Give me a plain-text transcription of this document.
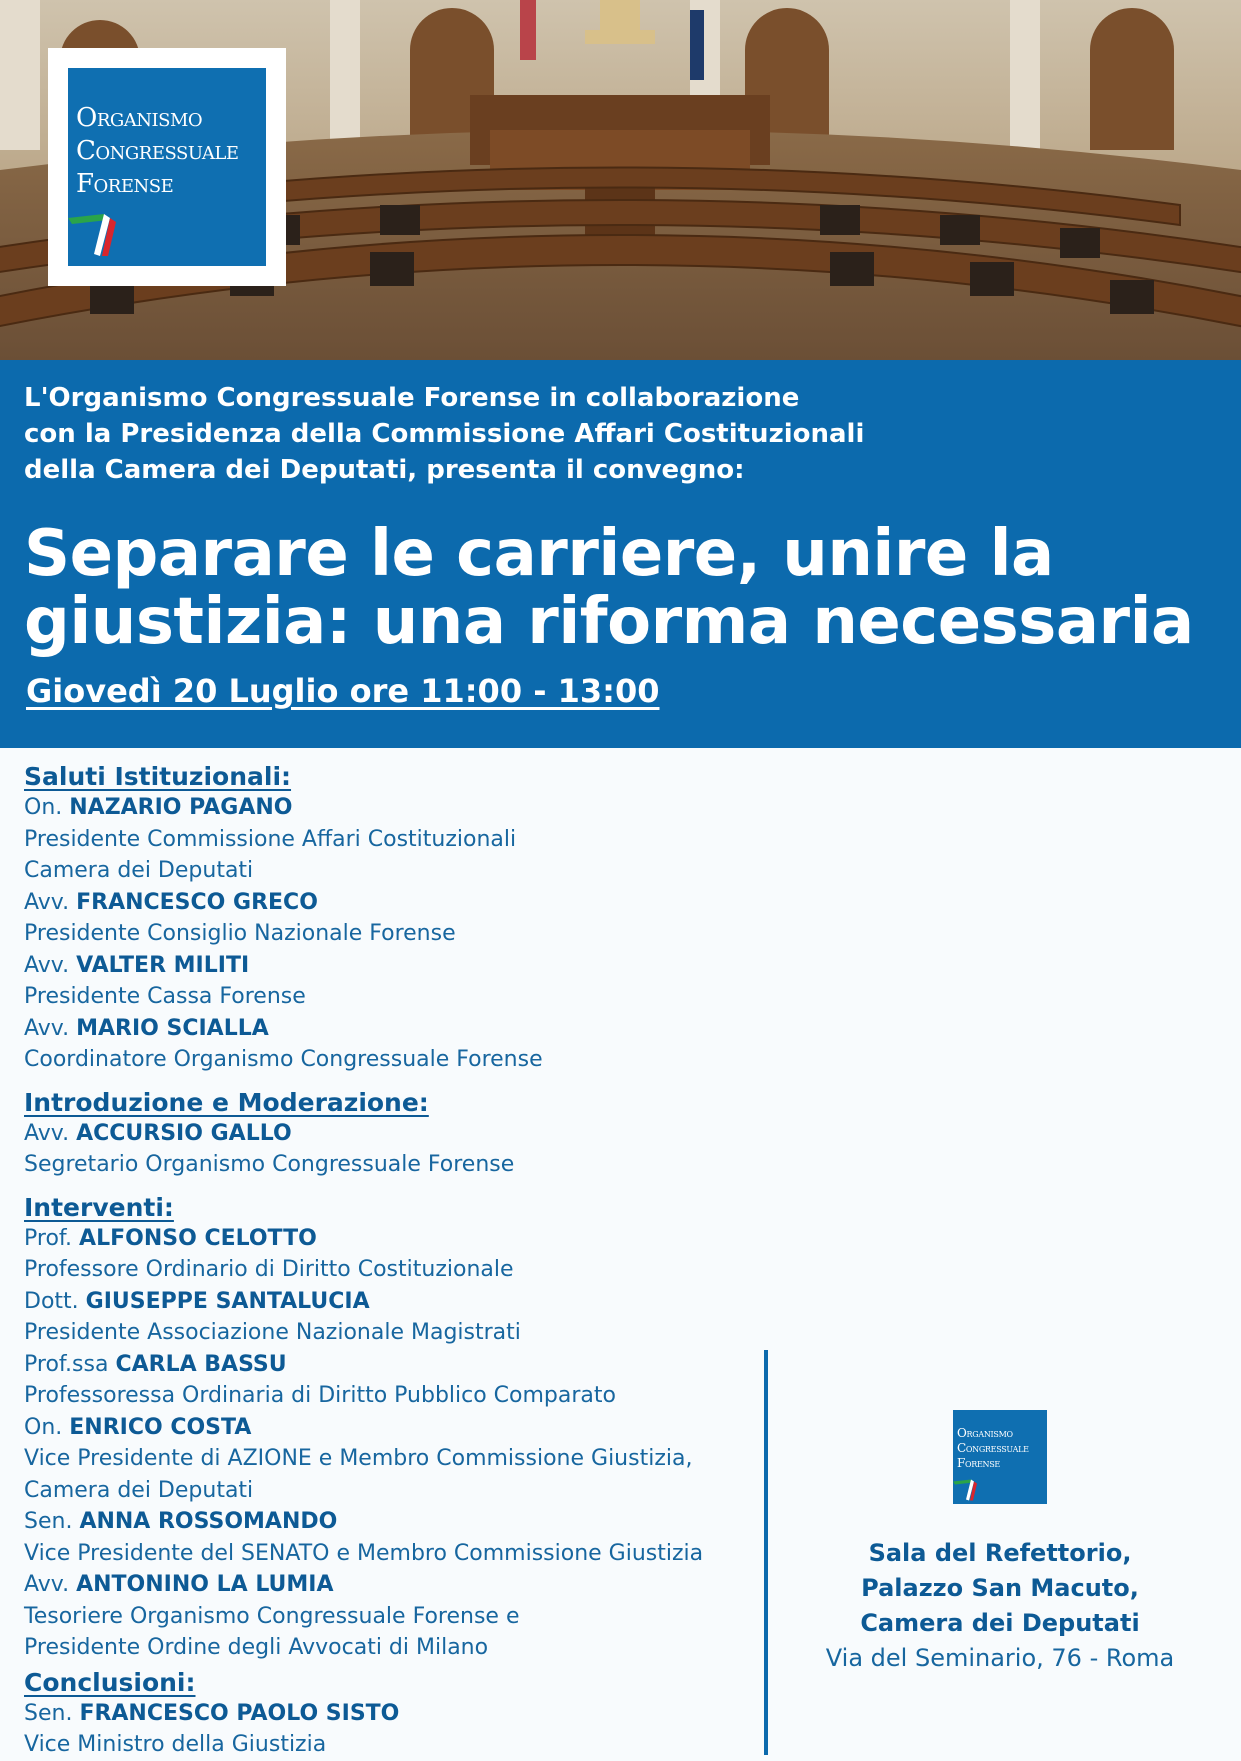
Organismo
Congressuale
Forense
L'Organismo Congressuale Forense in collaborazione
con la Presidenza della Commissione Affari Costituzionali
della Camera dei Deputati, presenta il convegno:
Separare le carriere, unire la
giustizia: una riforma necessaria
Giovedì 20 Luglio ore 11:00 - 13:00
Saluti Istituzionali:
On. NAZARIO PAGANO
Presidente Commissione Affari Costituzionali
Camera dei Deputati
Avv. FRANCESCO GRECO
Presidente Consiglio Nazionale Forense
Avv. VALTER MILITI
Presidente Cassa Forense
Avv. MARIO SCIALLA
Coordinatore Organismo Congressuale Forense
Introduzione e Moderazione:
Avv. ACCURSIO GALLO
Segretario Organismo Congressuale Forense
Interventi:
Prof. ALFONSO CELOTTO
Professore Ordinario di Diritto Costituzionale
Dott. GIUSEPPE SANTALUCIA
Presidente Associazione Nazionale Magistrati
Prof.ssa CARLA BASSU
Professoressa Ordinaria di Diritto Pubblico Comparato
On. ENRICO COSTA
Vice Presidente di AZIONE e Membro Commissione Giustizia,
Camera dei Deputati
Sen. ANNA ROSSOMANDO
Vice Presidente del SENATO e Membro Commissione Giustizia
Avv. ANTONINO LA LUMIA
Tesoriere Organismo Congressuale Forense e
Presidente Ordine degli Avvocati di Milano
Conclusioni:
Sen. FRANCESCO PAOLO SISTO
Vice Ministro della Giustizia
Organismo
Congressuale
Forense
Sala del Refettorio,
Palazzo San Macuto,
Camera dei Deputati
Via del Seminario, 76 - Roma
